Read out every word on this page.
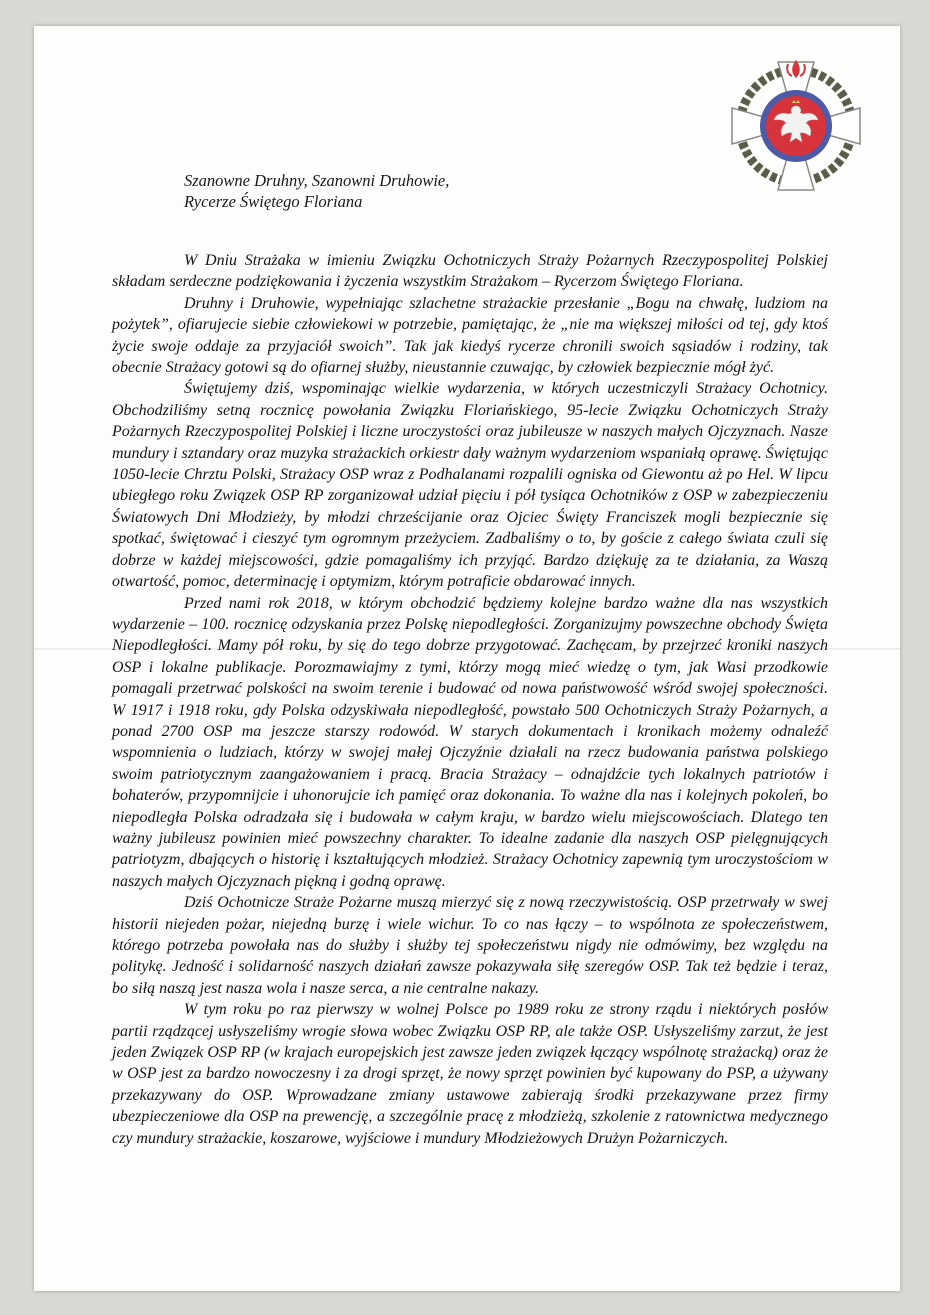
Szanowne Druhny, Szanowni Druhowie,
Rycerze Świętego Floriana

W Dniu Strażaka w imieniu Związku Ochotniczych Straży Pożarnych Rzeczypospolitej Polskiej składam serdeczne podziękowania i życzenia wszystkim Strażakom – Rycerzom Świętego Floriana.

Druhny i Druhowie, wypełniając szlachetne strażackie przesłanie „Bogu na chwałę, ludziom na pożytek”, ofiarujecie siebie człowiekowi w potrzebie, pamiętając, że „nie ma większej miłości od tej, gdy ktoś życie swoje oddaje za przyjaciół swoich”. Tak jak kiedyś rycerze chronili swoich sąsiadów i rodziny, tak obecnie Strażacy gotowi są do ofiarnej służby, nieustannie czuwając, by człowiek bezpiecznie mógł żyć.

Świętujemy dziś, wspominając wielkie wydarzenia, w których uczestniczyli Strażacy Ochotnicy. Obchodziliśmy setną rocznicę powołania Związku Floriańskiego, 95-lecie Związku Ochotniczych Straży Pożarnych Rzeczypospolitej Polskiej i liczne uroczystości oraz jubileusze w naszych małych Ojczyznach. Nasze mundury i sztandary oraz muzyka strażackich orkiestr dały ważnym wydarzeniom wspaniałą oprawę. Świętując 1050-lecie Chrztu Polski, Strażacy OSP wraz z Podhalanami rozpalili ogniska od Giewontu aż po Hel. W lipcu ubiegłego roku Związek OSP RP zorganizował udział pięciu i pół tysiąca Ochotników z OSP w zabezpieczeniu Światowych Dni Młodzieży, by młodzi chrześcijanie oraz Ojciec Święty Franciszek mogli bezpiecznie się spotkać, świętować i cieszyć tym ogromnym przeżyciem. Zadbaliśmy o to, by goście z całego świata czuli się dobrze w każdej miejscowości, gdzie pomagaliśmy ich przyjąć. Bardzo dziękuję za te działania, za Waszą otwartość, pomoc, determinację i optymizm, którym potraficie obdarować innych.

Przed nami rok 2018, w którym obchodzić będziemy kolejne bardzo ważne dla nas wszystkich wydarzenie – 100. rocznicę odzyskania przez Polskę niepodległości. Zorganizujmy powszechne obchody Święta Niepodległości. Mamy pół roku, by się do tego dobrze przygotować. Zachęcam, by przejrzeć kroniki naszych OSP i lokalne publikacje. Porozmawiajmy z tymi, którzy mogą mieć wiedzę o tym, jak Wasi przodkowie pomagali przetrwać polskości na swoim terenie i budować od nowa państwowość wśród swojej społeczności. W 1917 i 1918 roku, gdy Polska odzyskiwała niepodległość, powstało 500 Ochotniczych Straży Pożarnych, a ponad 2700 OSP ma jeszcze starszy rodowód. W starych dokumentach i kronikach możemy odnaleźć wspomnienia o ludziach, którzy w swojej małej Ojczyźnie działali na rzecz budowania państwa polskiego swoim patriotycznym zaangażowaniem i pracą. Bracia Strażacy – odnajdźcie tych lokalnych patriotów i bohaterów, przypomnijcie i uhonorujcie ich pamięć oraz dokonania. To ważne dla nas i kolejnych pokoleń, bo niepodległa Polska odradzała się i budowała w całym kraju, w bardzo wielu miejscowościach. Dlatego ten ważny jubileusz powinien mieć powszechny charakter. To idealne zadanie dla naszych OSP pielęgnujących patriotyzm, dbających o historię i kształtujących młodzież. Strażacy Ochotnicy zapewnią tym uroczystościom w naszych małych Ojczyznach piękną i godną oprawę.

Dziś Ochotnicze Straże Pożarne muszą mierzyć się z nową rzeczywistością. OSP przetrwały w swej historii niejeden pożar, niejedną burzę i wiele wichur. To co nas łączy – to wspólnota ze społeczeństwem, którego potrzeba powołała nas do służby i służby tej społeczeństwu nigdy nie odmówimy, bez względu na politykę. Jedność i solidarność naszych działań zawsze pokazywała siłę szeregów OSP. Tak też będzie i teraz, bo siłą naszą jest nasza wola i nasze serca, a nie centralne nakazy.

W tym roku po raz pierwszy w wolnej Polsce po 1989 roku ze strony rządu i niektórych posłów partii rządzącej usłyszeliśmy wrogie słowa wobec Związku OSP RP, ale także OSP. Usłyszeliśmy zarzut, że jest jeden Związek OSP RP (w krajach europejskich jest zawsze jeden związek łączący wspólnotę strażacką) oraz że w OSP jest za bardzo nowoczesny i za drogi sprzęt, że nowy sprzęt powinien być kupowany do PSP, a używany przekazywany do OSP. Wprowadzane zmiany ustawowe zabierają środki przekazywane przez firmy ubezpieczeniowe dla OSP na prewencję, a szczególnie pracę z młodzieżą, szkolenie z ratownictwa medycznego czy mundury strażackie, koszarowe, wyjściowe i mundury Młodzieżowych Drużyn Pożarniczych.
